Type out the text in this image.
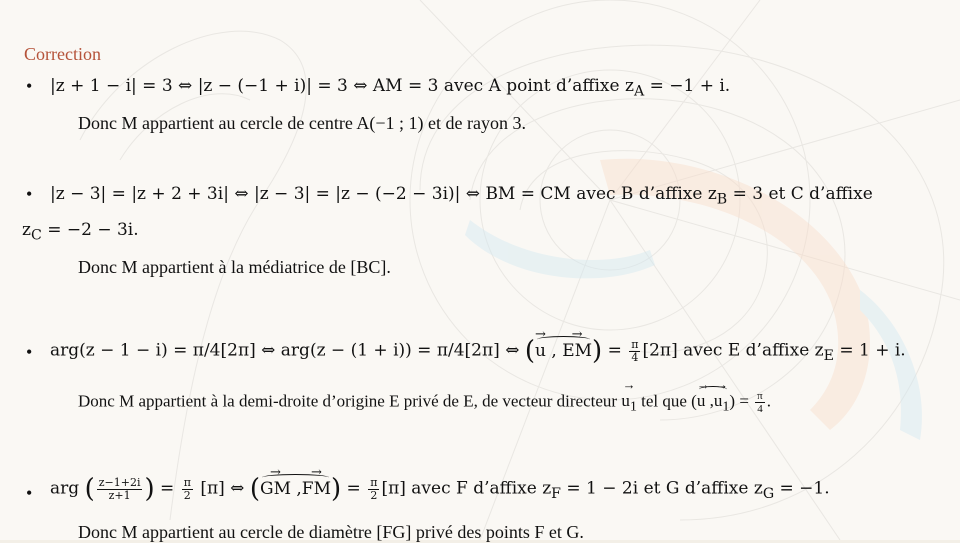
Correction
• |z + 1 − i| = 3 ⇔ |z − (−1 + i)| = 3 ⇔ AM = 3 avec A point d’affixe $z_A = -1 + i$.
Donc M appartient au cercle de centre A(−1 ; 1) et de rayon 3.
• |z − 3| = |z + 2 + 3i| ⇔ |z − 3| = |z − (−2 − 3i)| ⇔ BM = CM avec B d’affixe $z_B = 3$ et C d’affixe
$z_C = -2 - 3i$.
Donc M appartient à la médiatrice de [BC].
• arg(z − 1 − i) = π/4[2π] ⇔ arg(z − (1 + i)) = π/4[2π] ⇔ (u → , EM →) = $\frac{\pi}{4} [2\pi]$ avec E d’affixe $z_E = 1 + i$.
Donc M appartient à la demi-droite d’origine E privé de E, de vecteur directeur $u_1$ → tel que ($u \to ,u_1$ →) = $\frac{\pi}{4}$ .
• arg ( $\frac{z-1+2i}{z+1}$ ) = $\frac{\pi}{2} [\pi]$ ⇔ (GM → ,FM →) = $\frac{\pi}{2} [\pi]$ avec F d’affixe $z_F = 1 - 2i$ et G d’affixe $z_G = -1$.
Donc M appartient au cercle de diamètre [FG] privé des points F et G.
